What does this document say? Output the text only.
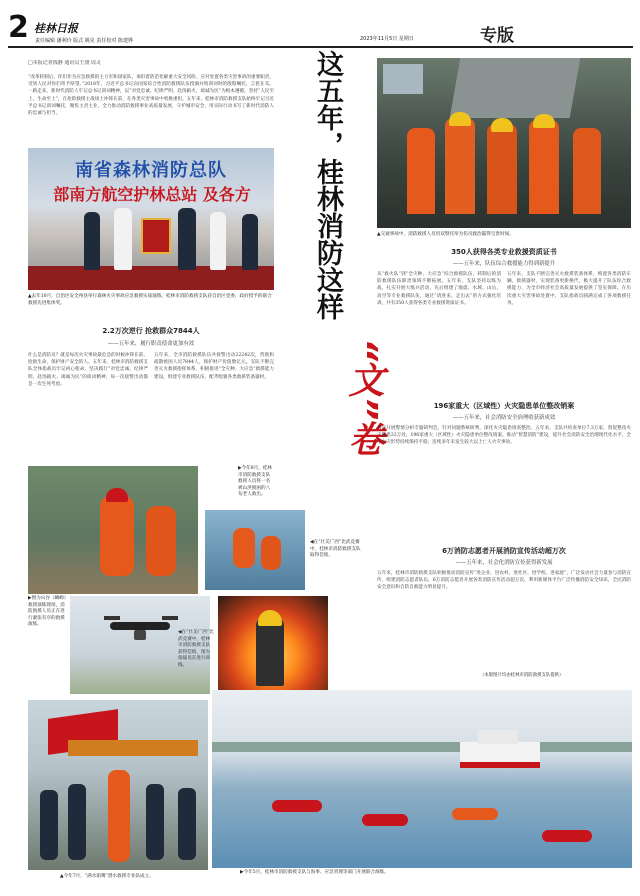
2 桂林日报
责任编辑 潘利玲 版式 姚晃 责任校对 陈建铧	2023年11月5日 星期日	专版
□本报记者钱静 通讯员王骁 周灵
“改革转制后，你们作为应急救援的主力军和国家队，承担着防范化解重大安全风险、应对处置各类灾害事故的重要职责，受到人民对你们寄予厚望。”2018年，习近平总书记向国家综合性消防救援队伍授旗并致训词时的殷殷嘱托，言犹在耳。一路走来，新时代消防人牢记总书记训词精神，以“对党忠诚、纪律严明、赴汤蹈火、竭诚为民”为根本遵循，坚持“人民至上、生命至上”，在抢险救援主战场上冲锋在前，在各类灾害事故中勇挑重担。五年来，桂林市消防救援支队始终牢记习近平总书记训词嘱托，聚焦主责主业，全力推动消防救援事业高质量发展，守护城市安全，用实际行动书写了新时代消防人的忠诚与担当。
南省森林消防总队
部南方航空护林总站 及各方
▲去年10月，自治区安全州县举行森林火灾事故应急救援实战演练，桂林市消防救援支队获自治区党委、政府授予的联合救援先进集体奖。	这五年，桂林消防这样
“文”卷
▲交通事故中，消防救援人员用双臂托举为伤员救治赢得宝贵时间。
350人获得各类专业救援资质证书
——五年来，队伍综合救援能力得到新提升
从“救火队”到“全灾种、大应急”综合救援队伍，转制后的消防救援队伍职责领域不断拓展。五年来，支队坚持以练为战，扎实开展大练兵活动，先后组建了地震、水域、山岳、高空等专业救援队伍，通过“请进来、走出去”的方式强化培训，共有350人获得各类专业救援资质证书。
五年来，支队不断完善灭火救援装备体系，购置各类消防车辆、救援器材，实现装备更新换代，极大提升了队伍综合救援能力，为全市经济社会高质量发展提供了坚实保障。在历次重大灾害事故处置中，支队指战员圆满完成了各项救援任务。
2.2万次逆行 抢救群众7844人
——五年来，履行职责使命更加有效
什么是消防员？就是每次火灾事故最危急的时候冲锋在前，抢救生命，保护财产安全的人。五年来，桂林市消防救援支队全体指战员牢记初心使命，坚决践行“对党忠诚、纪律严明、赴汤蹈火、竭诚为民”的训词精神，每一次接警出动都是一次生死考验。
五年来，全市消防救援队伍共接警出动22242次，营救和疏散被困人员7844人，保护财产价值数亿元。支队不断完善灭火救援指挥体系，积极推进“全灾种、大应急”救援能力建设，组建专业救援队伍，配齐配强各类救援装备器材。
196家重大（区域性）火灾隐患单位整改销案
——五年来，社会消防安全治理收获新成效
每月开展警情分析专题研判会，针对问题系统研判，深化火灾隐患排查整治。五年来，支队共检查单位7.3万家，督促整改火灾隐患32万处，196家重大（区域性）火灾隐患单位整改销案。推动“智慧消防”建设，提升社会消防安全治理现代化水平，全市火灾形势持续保持平稳，连续多年未发生较大以上亡人火灾事故。
6万消防志愿者开展消防宣传活动超万次
——五年来，社会化消防宣传获得新发展
五年来，桂林市消防救援支队积极推动消防宣传“进企业、进农村、进社区、进学校、进家庭”，广泛发动社会力量参与消防宣传，组建消防志愿者队伍，6万消防志愿者开展各类消防宣传活动超万次，利用新媒体平台广泛传播消防安全知识，全民消防安全意识和自防自救能力明显提升。
（本版图片均由桂林市消防救援支队提供）
▶今年8月，桂林市消防救援支队救援人员将一名被山洪围困的八旬老人救出。
▶图为山谷（嶙峋）救援演练现场，消防救援人员正在进行紧张有序的救援演练。
◀在“壮美广西”比武竞赛中，桂林市消防救援支队取得佳绩。
◀在“壮美广西”比武竞赛中，桂林市消防救援支队获得佳绩，图为指战员在进行训练。
▲今年7月，“满水船鹰”潜水救援专业队成立。
▶今年5月，桂林市消防救援支队与海事、应急管理等部门开展联合演练。
